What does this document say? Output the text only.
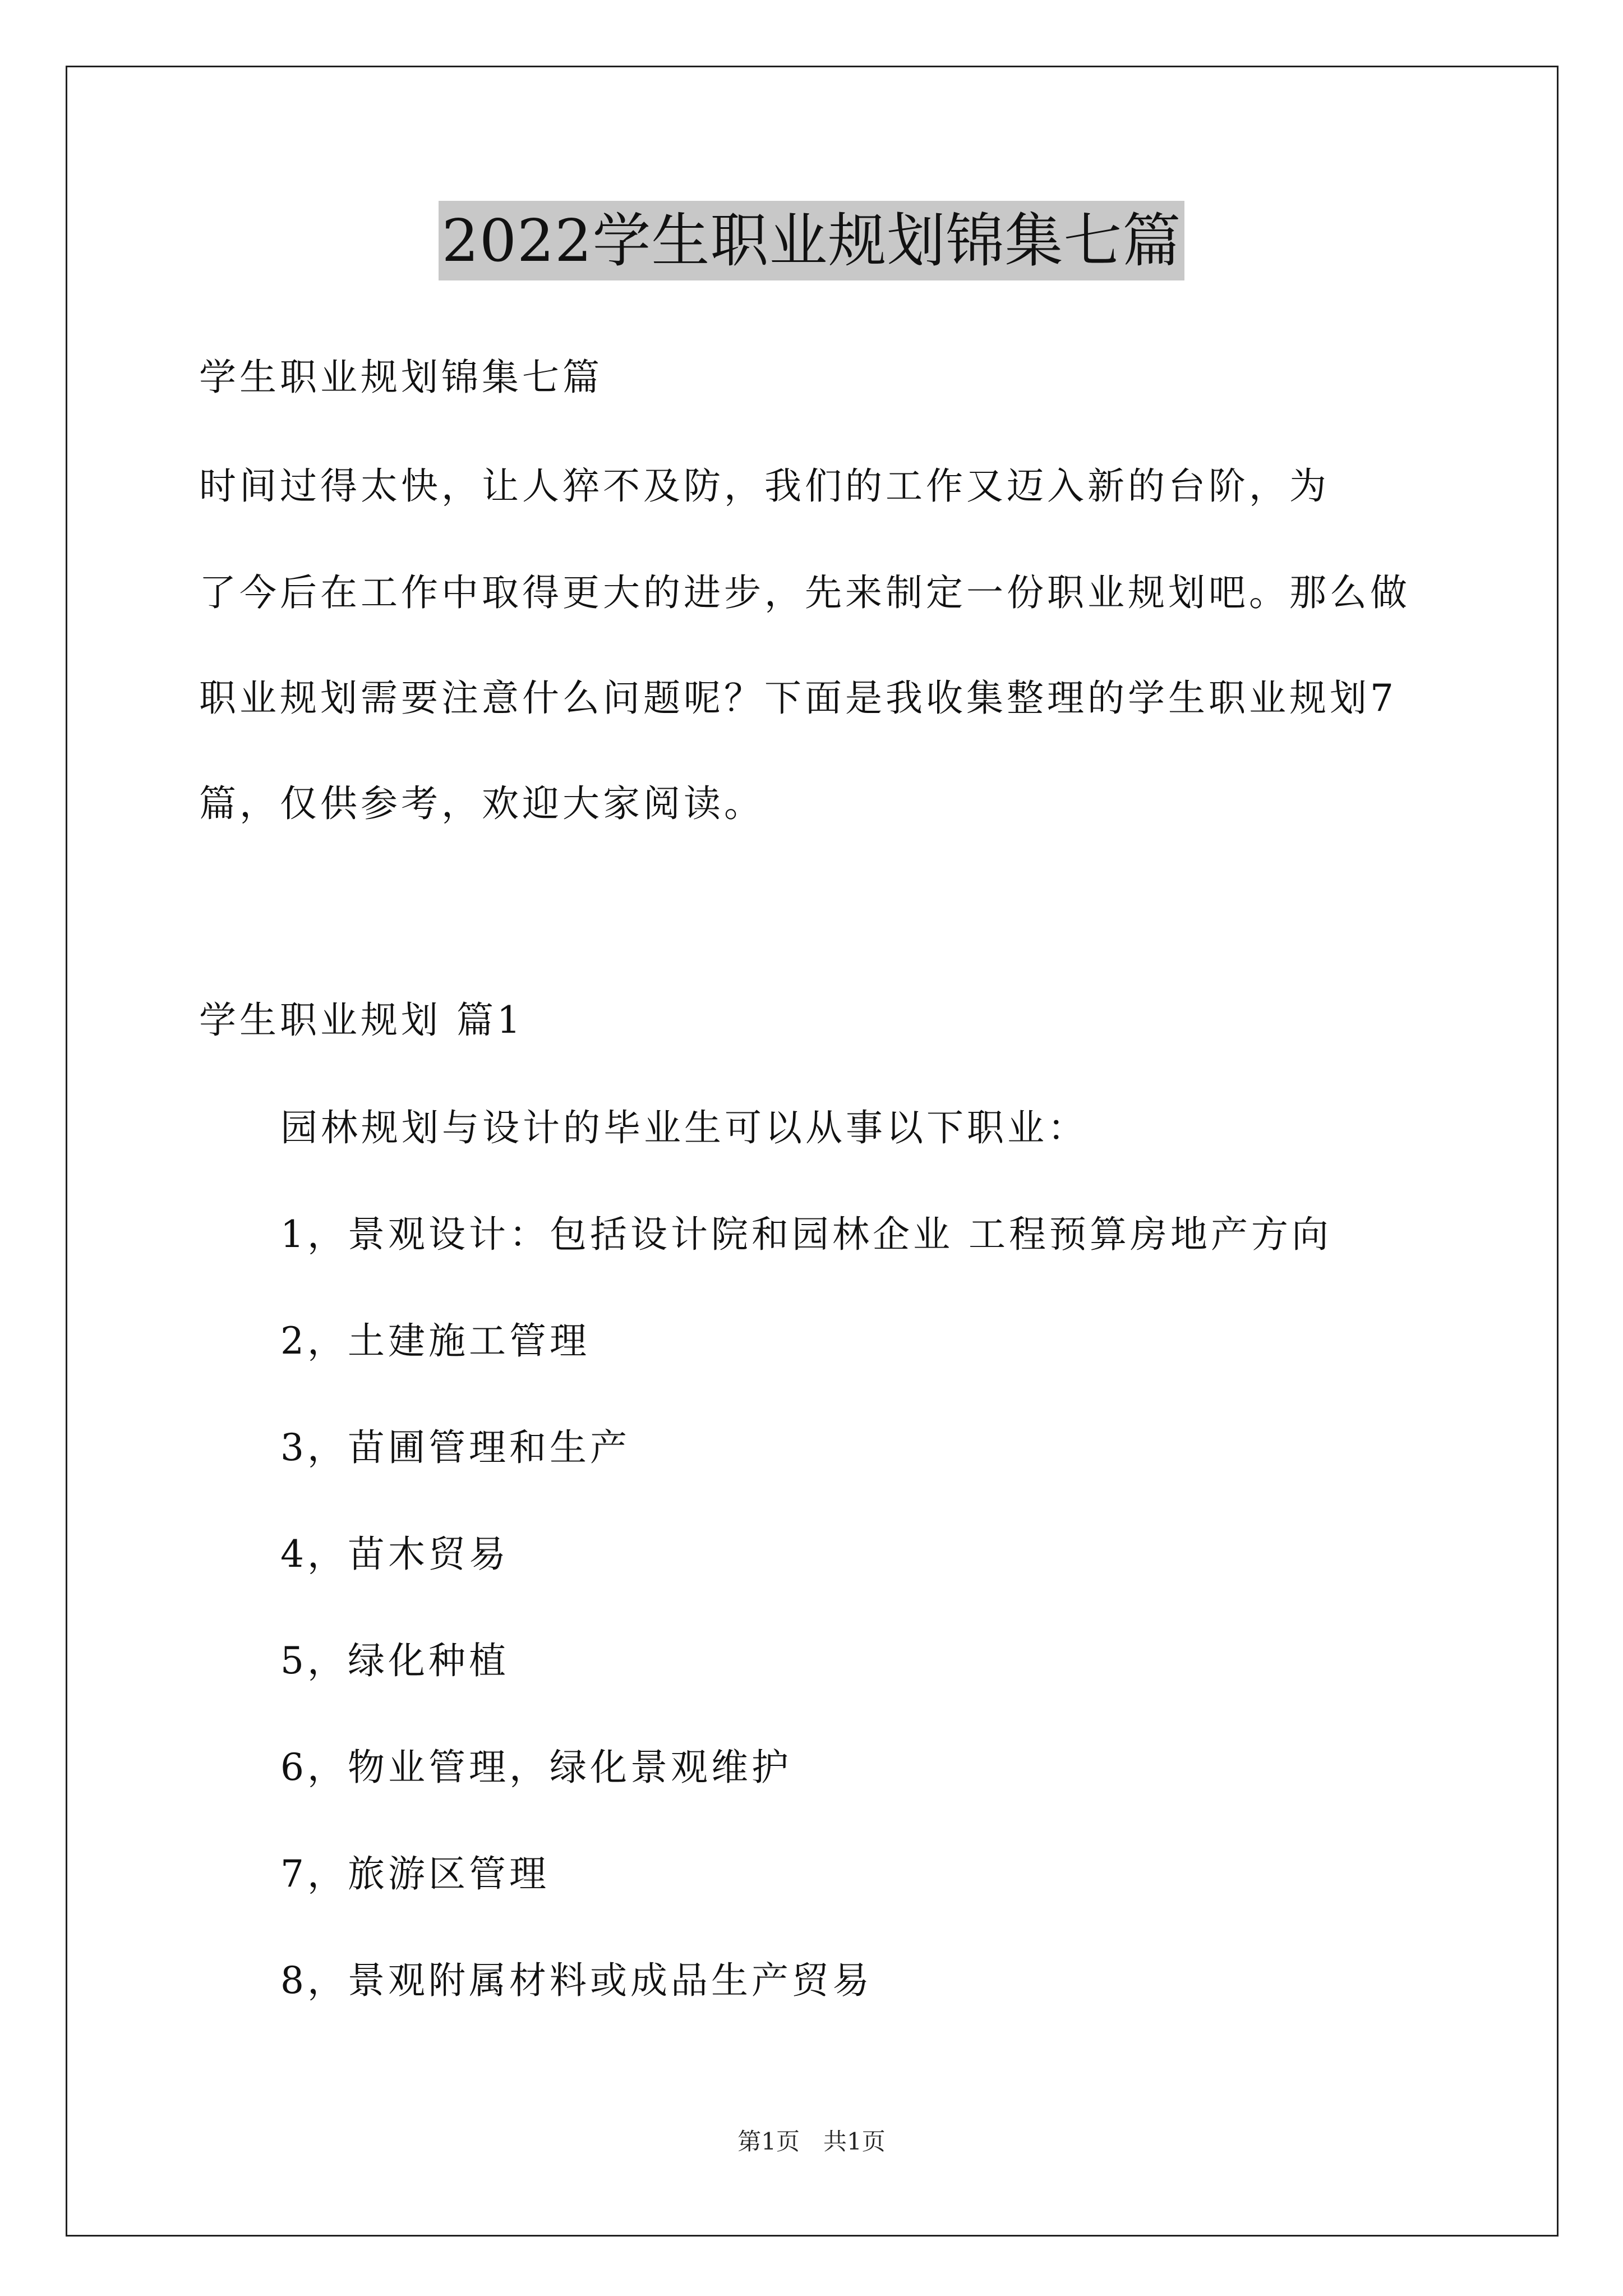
2022学生职业规划锦集七篇
学生职业规划锦集七篇
时间过得太快，让人猝不及防，我们的工作又迈入新的台阶，为
了今后在工作中取得更大的进步，先来制定一份职业规划吧。那么做
职业规划需要注意什么问题呢？下面是我收集整理的学生职业规划7
篇，仅供参考，欢迎大家阅读。
学生职业规划 篇1
园林规划与设计的毕业生可以从事以下职业：
1，景观设计：包括设计院和园林企业 工程预算房地产方向
2，土建施工管理
3，苗圃管理和生产
4，苗木贸易
5，绿化种植
6，物业管理，绿化景观维护
7，旅游区管理
8，景观附属材料或成品生产贸易
第1页　共1页
